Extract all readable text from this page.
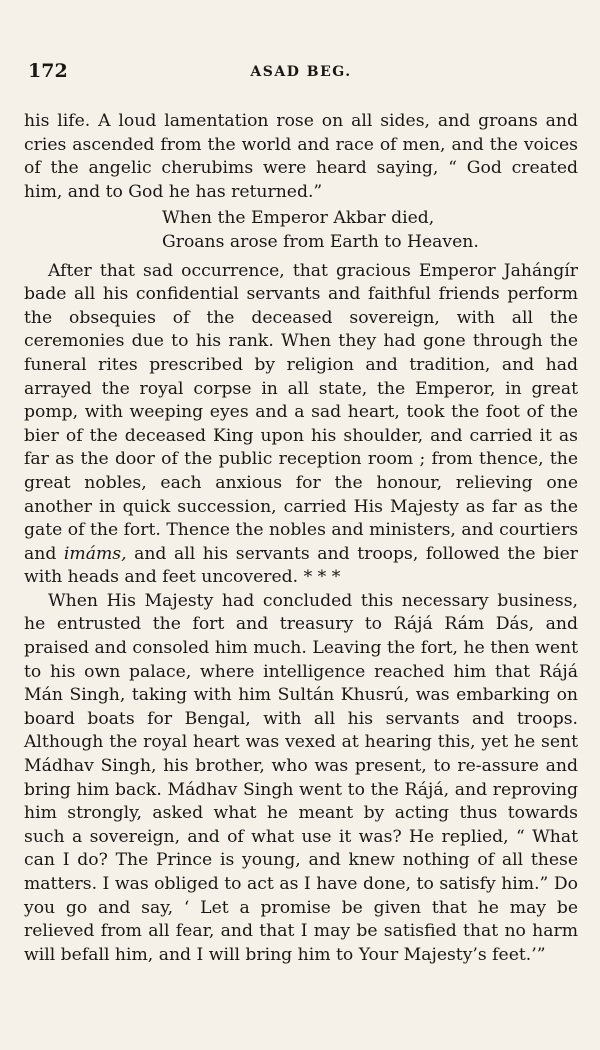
172	ASAD BEG.

his life. A loud lamentation rose on all sides, and groans and cries ascended from the world and race of men, and the voices of the angelic cherubims were heard saying, “ God created him, and to God he has returned.”

When the Emperor Akbar died,
Groans arose from Earth to Heaven.

After that sad occurrence, that gracious Emperor Jahángír bade all his confidential servants and faithful friends perform the obsequies of the deceased sovereign, with all the ceremonies due to his rank. When they had gone through the funeral rites prescribed by religion and tradition, and had arrayed the royal corpse in all state, the Emperor, in great pomp, with weeping eyes and a sad heart, took the foot of the bier of the deceased King upon his shoulder, and carried it as far as the door of the public reception room ; from thence, the great nobles, each anxious for the honour, relieving one another in quick succession, carried His Majesty as far as the gate of the fort. Thence the nobles and ministers, and courtiers and imáms, and all his servants and troops, followed the bier with heads and feet uncovered. * * *

When His Majesty had concluded this necessary business, he entrusted the fort and treasury to Rájá Rám Dás, and praised and consoled him much. Leaving the fort, he then went to his own palace, where intelligence reached him that Rájá Mán Singh, taking with him Sultán Khusrú, was embarking on board boats for Bengal, with all his servants and troops. Although the royal heart was vexed at hearing this, yet he sent Mádhav Singh, his brother, who was present, to re-assure and bring him back. Mádhav Singh went to the Rájá, and reproving him strongly, asked what he meant by acting thus towards such a sovereign, and of what use it was? He replied, “ What can I do? The Prince is young, and knew nothing of all these matters. I was obliged to act as I have done, to satisfy him.” Do you go and say, ‘ Let a promise be given that he may be relieved from all fear, and that I may be satisfied that no harm will befall him, and I will bring him to Your Majesty’s feet.’”
